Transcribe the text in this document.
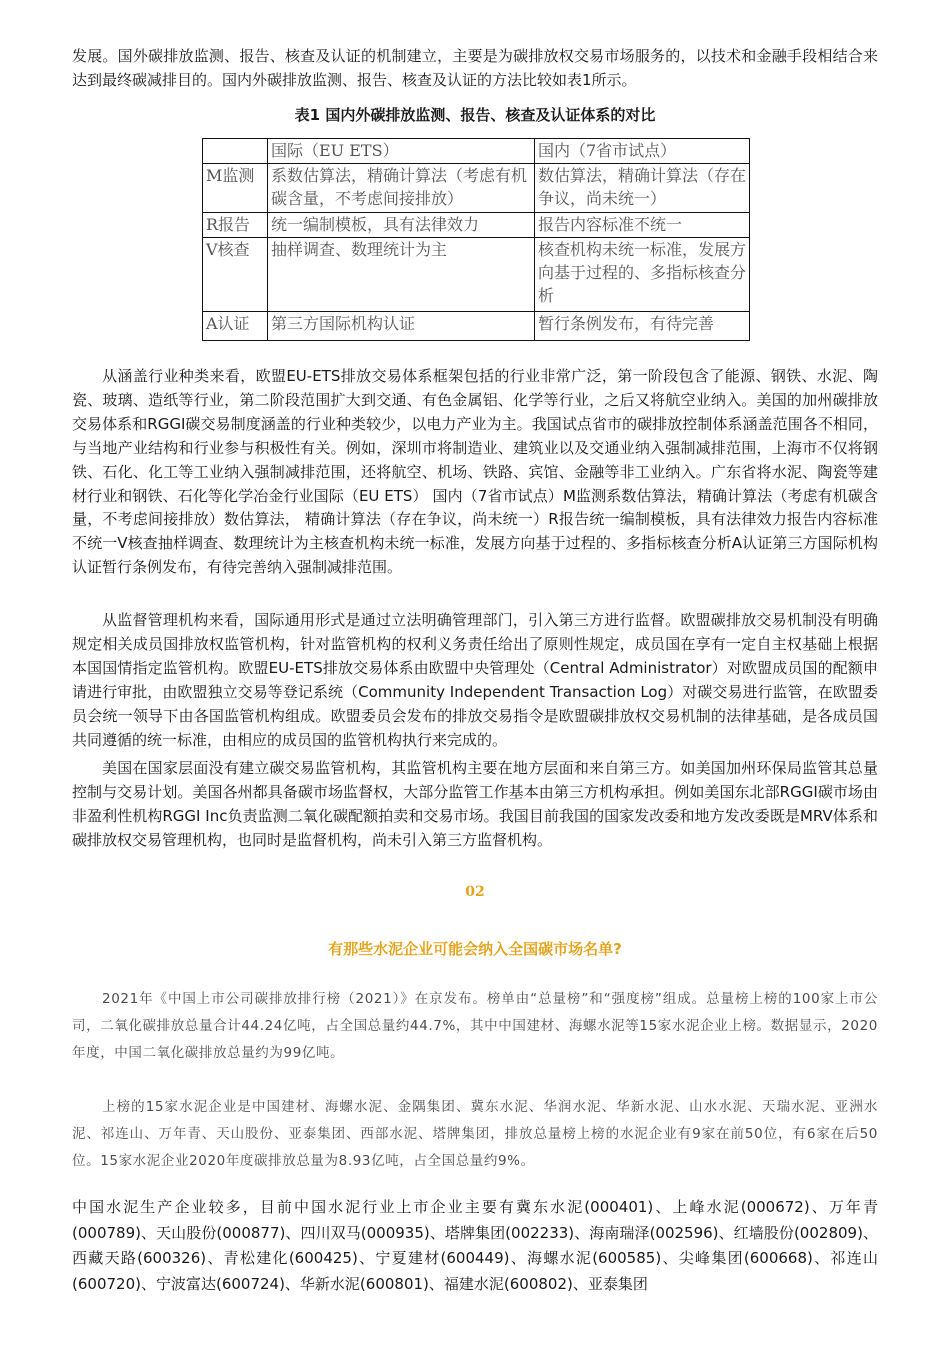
发展。国外碳排放监测、报告、核查及认证的机制建立，主要是为碳排放权交易市场服务的，以技术和金融手段相结合来达到最终碳减排目的。国内外碳排放监测、报告、核查及认证的方法比较如表1所示。

表1 国内外碳排放监测、报告、核查及认证体系的对比

	国际（EU ETS）	国内（7省市试点）
M监测	系数估算法，精确计算法（考虑有机碳含量，不考虑间接排放）	数估算法，精确计算法（存在争议，尚未统一）
R报告	统一编制模板，具有法律效力	报告内容标准不统一
V核查	抽样调查、数理统计为主	核查机构未统一标准，发展方向基于过程的、多指标核查分析
A认证	第三方国际机构认证	暂行条例发布，有待完善

从涵盖行业种类来看，欧盟EU-ETS排放交易体系框架包括的行业非常广泛，第一阶段包含了能源、钢铁、水泥、陶瓷、玻璃、造纸等行业，第二阶段范围扩大到交通、有色金属铝、化学等行业，之后又将航空业纳入。美国的加州碳排放交易体系和RGGI碳交易制度涵盖的行业种类较少，以电力产业为主。我国试点省市的碳排放控制体系涵盖范围各不相同，与当地产业结构和行业参与积极性有关。例如，深圳市将制造业、建筑业以及交通业纳入强制减排范围，上海市不仅将钢铁、石化、化工等工业纳入强制减排范围，还将航空、机场、铁路、宾馆、金融等非工业纳入。广东省将水泥、陶瓷等建材行业和钢铁、石化等化学冶金行业国际（EU ETS） 国内（7省市试点）M监测系数估算法，精确计算法（考虑有机碳含量，不考虑间接排放）数估算法， 精确计算法（存在争议，尚未统一）R报告统一编制模板，具有法律效力报告内容标准不统一V核查抽样调查、数理统计为主核查机构未统一标准，发展方向基于过程的、多指标核查分析A认证第三方国际机构认证暂行条例发布，有待完善纳入强制减排范围。

从监督管理机构来看，国际通用形式是通过立法明确管理部门，引入第三方进行监督。欧盟碳排放交易机制没有明确规定相关成员国排放权监管机构，针对监管机构的权利义务责任给出了原则性规定，成员国在享有一定自主权基础上根据本国国情指定监管机构。欧盟EU-ETS排放交易体系由欧盟中央管理处（Central Administrator）对欧盟成员国的配额申请进行审批，由欧盟独立交易等登记系统（Community Independent Transaction Log）对碳交易进行监管，在欧盟委员会统一领导下由各国监管机构组成。欧盟委员会发布的排放交易指令是欧盟碳排放权交易机制的法律基础，是各成员国共同遵循的统一标准，由相应的成员国的监管机构执行来完成的。

美国在国家层面没有建立碳交易监管机构，其监管机构主要在地方层面和来自第三方。如美国加州环保局监管其总量控制与交易计划。美国各州都具备碳市场监督权，大部分监管工作基本由第三方机构承担。例如美国东北部RGGI碳市场由非盈利性机构RGGI Inc负责监测二氧化碳配额拍卖和交易市场。我国目前我国的国家发改委和地方发改委既是MRV体系和碳排放权交易管理机构，也同时是监督机构，尚未引入第三方监督机构。

02

有那些水泥企业可能会纳入全国碳市场名单?

2021年《中国上市公司碳排放排行榜（2021）》在京发布。榜单由“总量榜”和“强度榜”组成。总量榜上榜的100家上市公司，二氧化碳排放总量合计44.24亿吨，占全国总量约44.7%，其中中国建材、海螺水泥等15家水泥企业上榜。数据显示，2020年度，中国二氧化碳排放总量约为99亿吨。

上榜的15家水泥企业是中国建材、海螺水泥、金隅集团、冀东水泥、华润水泥、华新水泥、山水水泥、天瑞水泥、亚洲水泥、祁连山、万年青、天山股份、亚泰集团、西部水泥、塔牌集团，排放总量榜上榜的水泥企业有9家在前50位，有6家在后50位。15家水泥企业2020年度碳排放总量为8.93亿吨，占全国总量约9%。

中国水泥生产企业较多，目前中国水泥行业上市企业主要有冀东水泥(000401)、上峰水泥(000672)、万年青(000789)、天山股份(000877)、四川双马(000935)、塔牌集团(002233)、海南瑞泽(002596)、红墙股份(002809)、西藏天路(600326)、青松建化(600425)、宁夏建材(600449)、海螺水泥(600585)、尖峰集团(600668)、祁连山(600720)、宁波富达(600724)、华新水泥(600801)、福建水泥(600802)、亚泰集团
